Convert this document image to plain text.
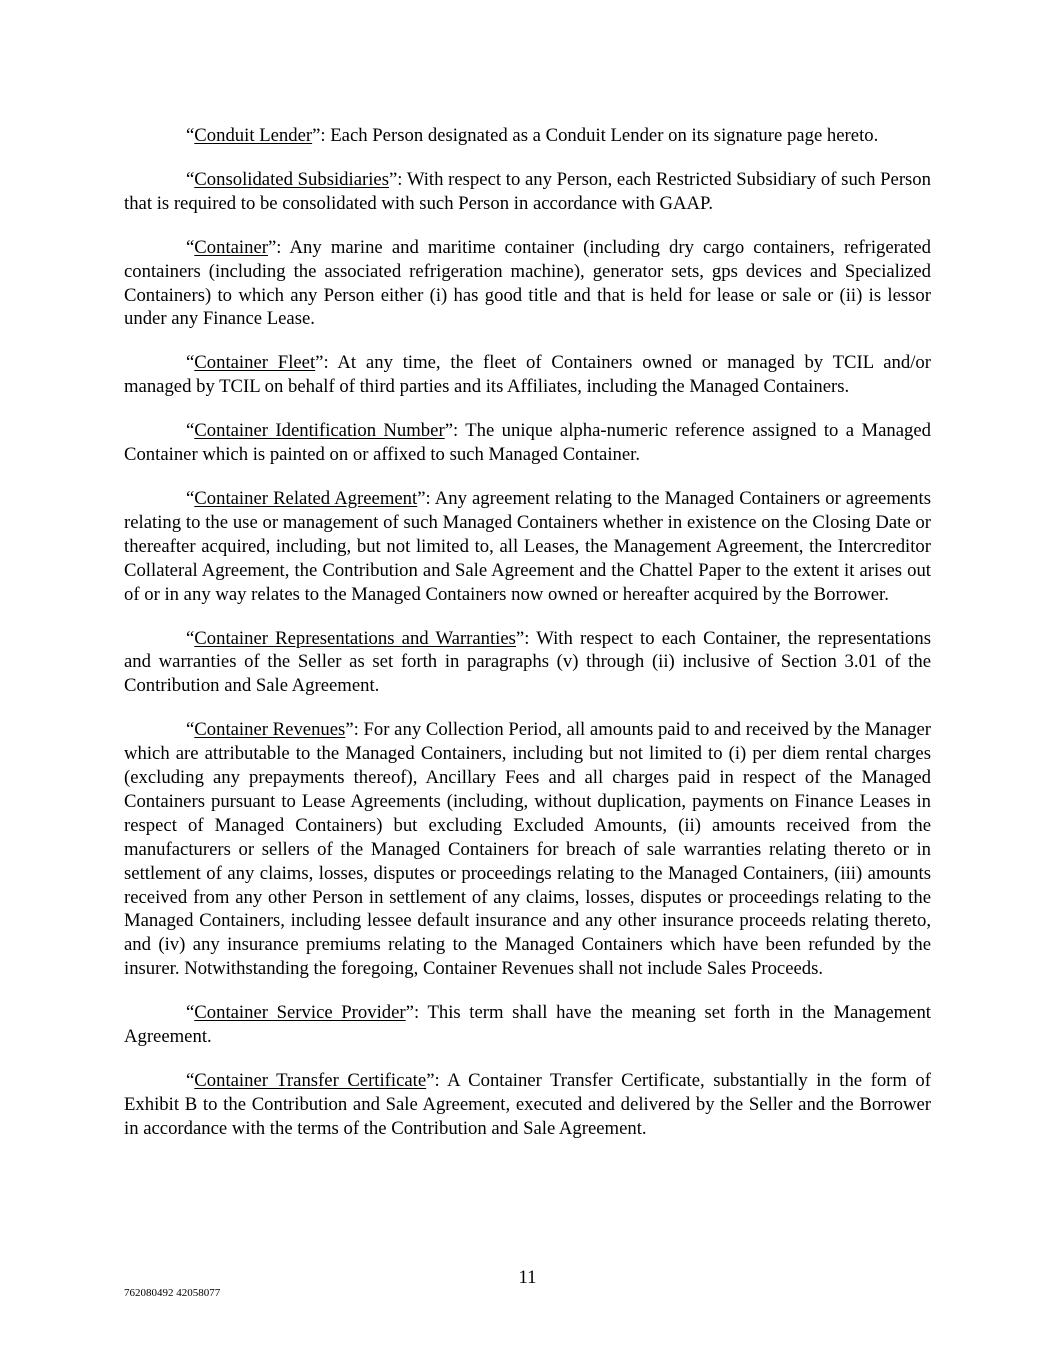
“Conduit Lender”: Each Person designated as a Conduit Lender on its signature page hereto.

“Consolidated Subsidiaries”: With respect to any Person, each Restricted Subsidiary of such Person that is required to be consolidated with such Person in accordance with GAAP.

“Container”: Any marine and maritime container (including dry cargo containers, refrigerated containers (including the associated refrigeration machine), generator sets, gps devices and Specialized Containers) to which any Person either (i) has good title and that is held for lease or sale or (ii) is lessor under any Finance Lease.

“Container Fleet”: At any time, the fleet of Containers owned or managed by TCIL and/or managed by TCIL on behalf of third parties and its Affiliates, including the Managed Containers.

“Container Identification Number”: The unique alpha-numeric reference assigned to a Managed Container which is painted on or affixed to such Managed Container.

“Container Related Agreement”: Any agreement relating to the Managed Containers or agreements relating to the use or management of such Managed Containers whether in existence on the Closing Date or thereafter acquired, including, but not limited to, all Leases, the Management Agreement, the Intercreditor Collateral Agreement, the Contribution and Sale Agreement and the Chattel Paper to the extent it arises out of or in any way relates to the Managed Containers now owned or hereafter acquired by the Borrower.

“Container Representations and Warranties”: With respect to each Container, the representations and warranties of the Seller as set forth in paragraphs (v) through (ii) inclusive of Section 3.01 of the Contribution and Sale Agreement.

“Container Revenues”: For any Collection Period, all amounts paid to and received by the Manager which are attributable to the Managed Containers, including but not limited to (i) per diem rental charges (excluding any prepayments thereof), Ancillary Fees and all charges paid in respect of the Managed Containers pursuant to Lease Agreements (including, without duplication, payments on Finance Leases in respect of Managed Containers) but excluding Excluded Amounts, (ii) amounts received from the manufacturers or sellers of the Managed Containers for breach of sale warranties relating thereto or in settlement of any claims, losses, disputes or proceedings relating to the Managed Containers, (iii) amounts received from any other Person in settlement of any claims, losses, disputes or proceedings relating to the Managed Containers, including lessee default insurance and any other insurance proceeds relating thereto, and (iv) any insurance premiums relating to the Managed Containers which have been refunded by the insurer. Notwithstanding the foregoing, Container Revenues shall not include Sales Proceeds.

“Container Service Provider”: This term shall have the meaning set forth in the Management Agreement.

“Container Transfer Certificate”: A Container Transfer Certificate, substantially in the form of Exhibit B to the Contribution and Sale Agreement, executed and delivered by the Seller and the Borrower in accordance with the terms of the Contribution and Sale Agreement.

11
762080492 42058077
